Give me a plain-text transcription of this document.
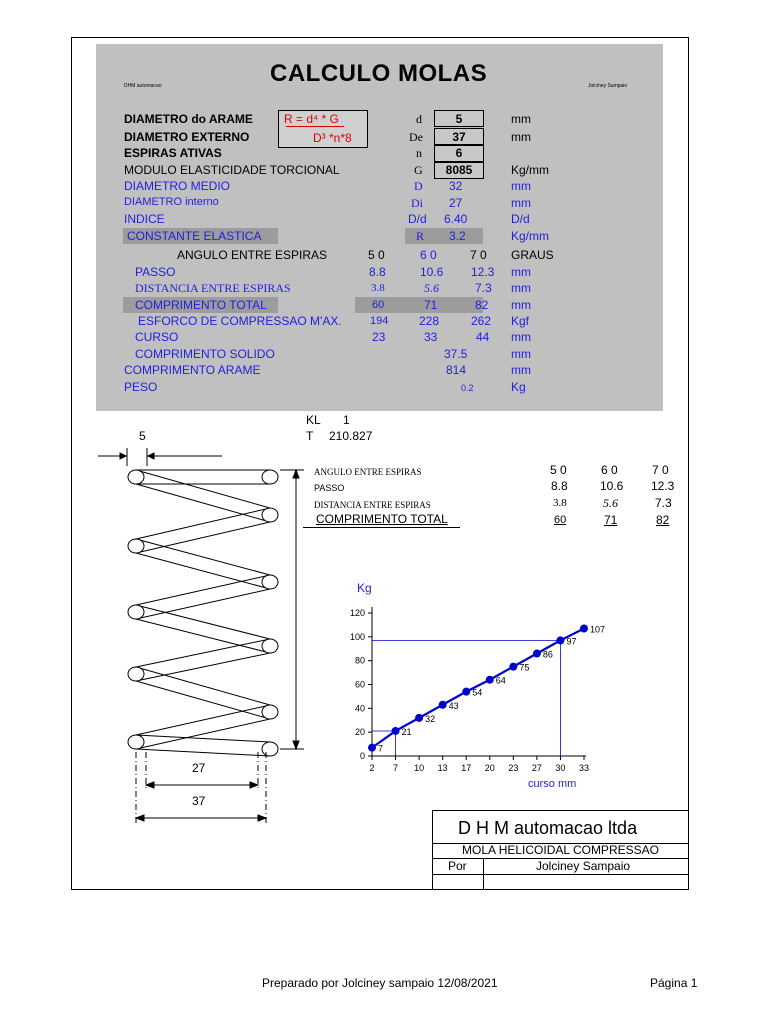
DHM automacao	CALCULO MOLAS	Jolciney Sampaio
R = d⁴ * G
D³ *n*8
DIAMETRO do ARAME	d	5	mm
DIAMETRO EXTERNO	De	37	mm
ESPIRAS ATIVAS	n	6
MODULO ELASTICIDADE TORCIONAL	G	8085	Kg/mm
DIAMETRO MEDIO	D 32	mm
DIAMETRO interno	Di 27	mm
INDICE	D/d 6.40	D/d
CONSTANTE ELASTICA	R 3.2	Kg/mm
ANGULO ENTRE ESPIRAS	5 0	6 0	7 0 GRAUS
PASSO	8.8	10.6 12.3 mm
DISTANCIA ENTRE ESPIRAS	3.8	5.6	7.3 mm
COMPRIMENTO TOTAL	60	71	82 mm
ESFORCO DE COMPRESSAO M'AX.	194	228	262 Kgf
CURSO	23	33	44 mm
COMPRIMENTO SOLIDO	37.5	mm
COMPRIMENTO ARAME	814	mm
PESO	0.2	Kg
KL 1
T 210.827
5
27
37
ANGULO ENTRE ESPIRAS	5 0	6 0	7 0
PASSO	8.8	10.6 12.3
DISTANCIA ENTRE ESPIRAS	3.8	5.6	7.3
COMPRIMENTO TOTAL	60	71	82
Kg
curso mm
0
20
40
60
80
100
120
2 7 10 13 17 20 23 27 30 33
7
21
32
43
54
64
75
86
97
107
D H M automacao ltda
MOLA HELICOIDAL COMPRESSAO
Por	Jolciney Sampaio
Preparado por Jolciney sampaio 12/08/2021	Página 1
